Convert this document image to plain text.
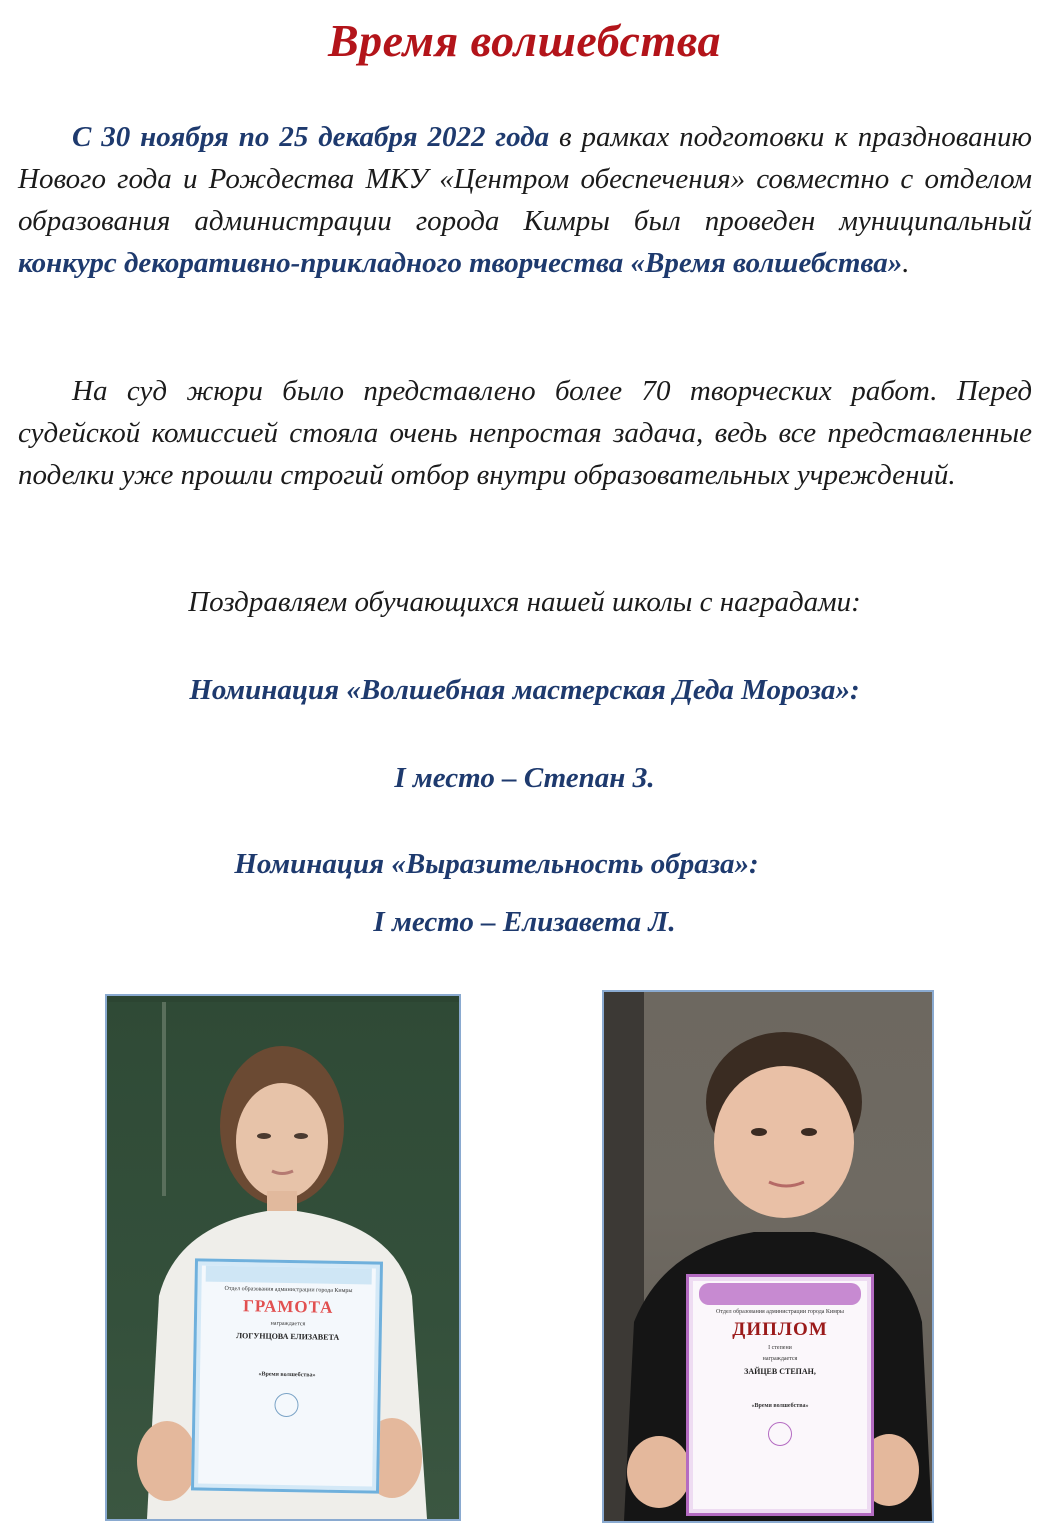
Время волшебства
С 30 ноября по 25 декабря 2022 года в рамках подготовки к празднованию Нового года и Рождества МКУ «Центром обеспечения» совместно с отделом образования администрации города Кимры был проведен муниципальный конкурс декоративно-прикладного творчества «Время волшебства».
На суд жюри было представлено более 70 творческих работ. Перед судейской комиссией стояла очень непростая задача, ведь все представленные поделки уже прошли строгий отбор внутри образовательных учреждений.
Поздравляем обучающихся нашей школы с наградами:
Номинация «Волшебная мастерская Деда Мороза»:
I место – Степан З.
Номинация «Выразительность образа»:
I место – Елизавета Л.
Отдел образования администрации города Кимры
ГРАМОТА
награждается
ЛОГУНЦОВА ЕЛИЗАВЕТА
«Время волшебства»
Отдел образования администрации города Кимры
ДИПЛОМ
I степени
награждается
ЗАЙЦЕВ СТЕПАН,
«Время волшебства»
